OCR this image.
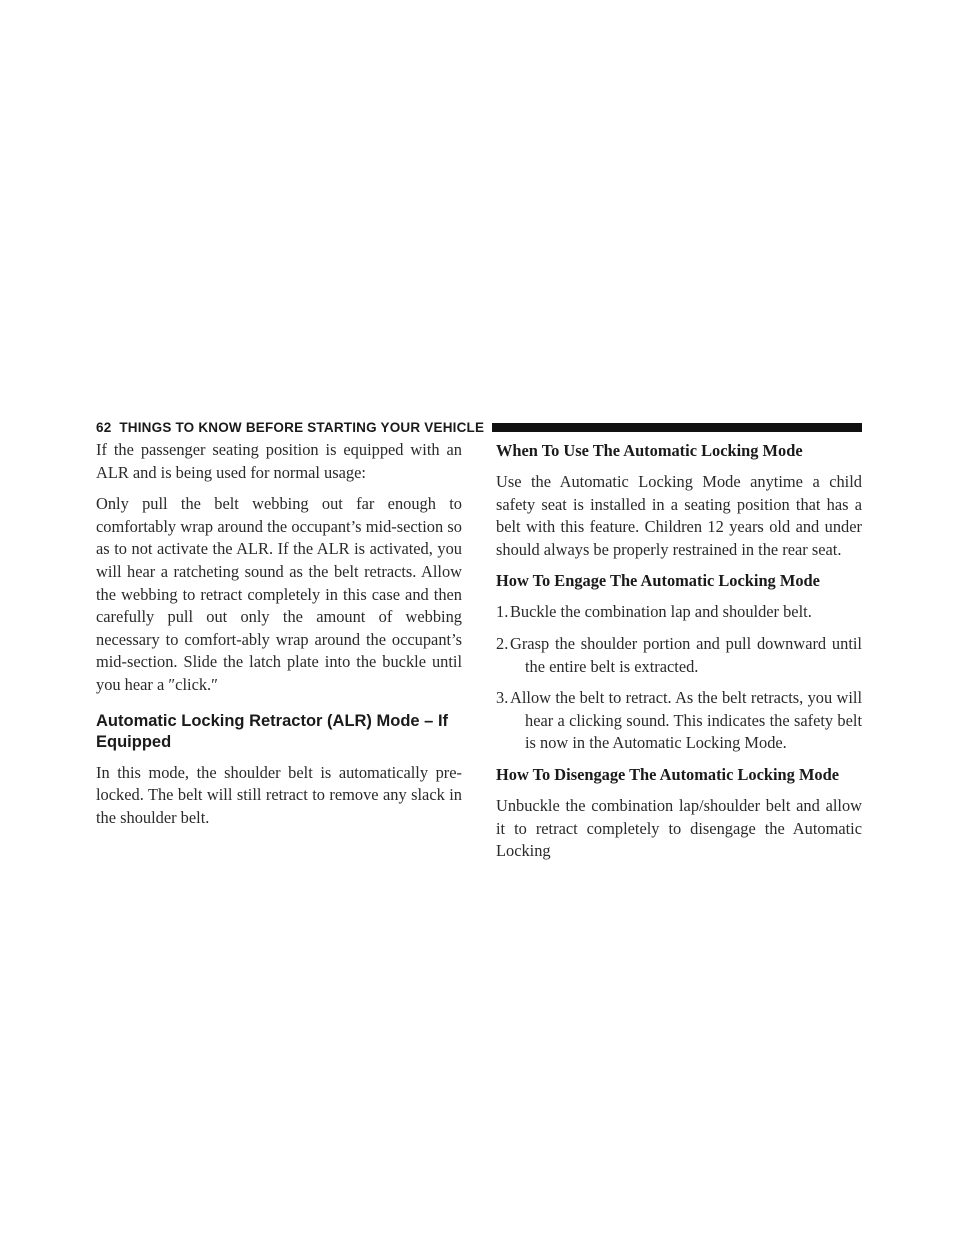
62 THINGS TO KNOW BEFORE STARTING YOUR VEHICLE

If the passenger seating position is equipped with an ALR and is being used for normal usage:

Only pull the belt webbing out far enough to comfortably wrap around the occupant’s mid-section so as to not activate the ALR. If the ALR is activated, you will hear a ratcheting sound as the belt retracts. Allow the webbing to retract completely in this case and then carefully pull out only the amount of webbing necessary to comfort-ably wrap around the occupant’s mid-section. Slide the latch plate into the buckle until you hear a ″click.″

Automatic Locking Retractor (ALR) Mode – If Equipped

In this mode, the shoulder belt is automatically pre-locked. The belt will still retract to remove any slack in the shoulder belt.

When To Use The Automatic Locking Mode

Use the Automatic Locking Mode anytime a child safety seat is installed in a seating position that has a belt with this feature. Children 12 years old and under should always be properly restrained in the rear seat.

How To Engage The Automatic Locking Mode
1. Buckle the combination lap and shoulder belt.
2. Grasp the shoulder portion and pull downward until the entire belt is extracted.
3. Allow the belt to retract. As the belt retracts, you will hear a clicking sound. This indicates the safety belt is now in the Automatic Locking Mode.
How To Disengage The Automatic Locking Mode

Unbuckle the combination lap/shoulder belt and allow it to retract completely to disengage the Automatic Locking
